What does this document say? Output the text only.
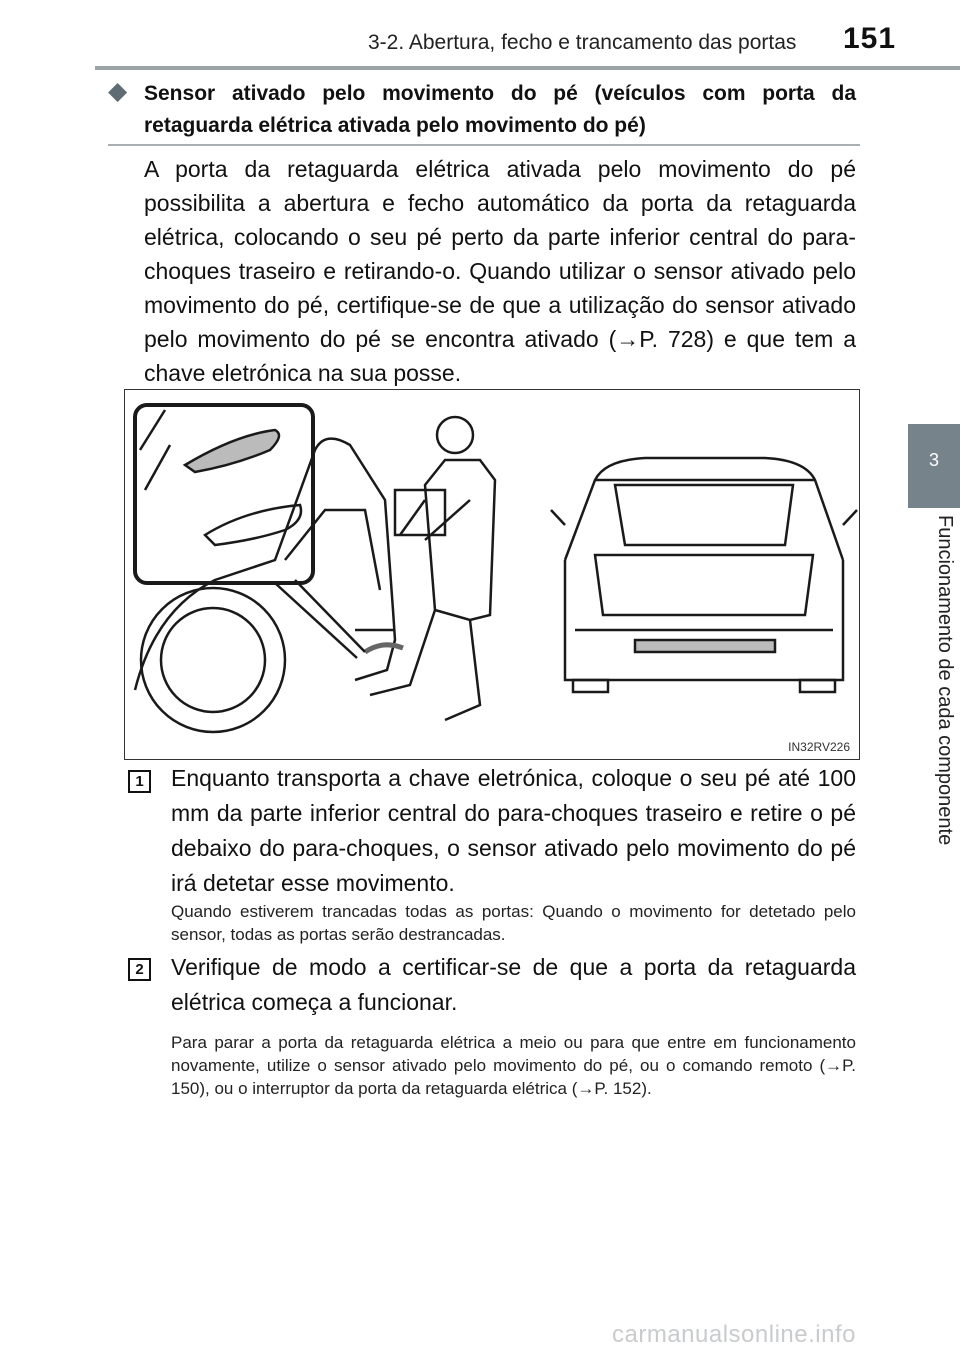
3-2. Abertura, fecho e trancamento das portas 151
3
Funcionamento de cada componente
◆ Sensor ativado pelo movimento do pé (veículos com porta da retaguarda elétrica ativada pelo movimento do pé)
A porta da retaguarda elétrica ativada pelo movimento do pé possibilita a abertura e fecho automático da porta da retaguarda elétrica, colocando o seu pé perto da parte inferior central do para-choques traseiro e retirando-o. Quando utilizar o sensor ativado pelo movimento do pé, certifique-se de que a utilização do sensor ativado pelo movimento do pé se encontra ativado (→P. 728) e que tem a chave eletrónica na sua posse.
IN32RV226
1	Enquanto transporta a chave eletrónica, coloque o seu pé até 100 mm da parte inferior central do para-choques traseiro e retire o pé debaixo do para-choques, o sensor ativado pelo movimento do pé irá detetar esse movimento.
Quando estiverem trancadas todas as portas: Quando o movimento for detetado pelo sensor, todas as portas serão destrancadas.
2	Verifique de modo a certificar-se de que a porta da retaguarda elétrica começa a funcionar.
Para parar a porta da retaguarda elétrica a meio ou para que entre em funcionamento novamente, utilize o sensor ativado pelo movimento do pé, ou o comando remoto (→P. 150), ou o interruptor da porta da retaguarda elétrica (→P. 152).
carmanualsonline.info
